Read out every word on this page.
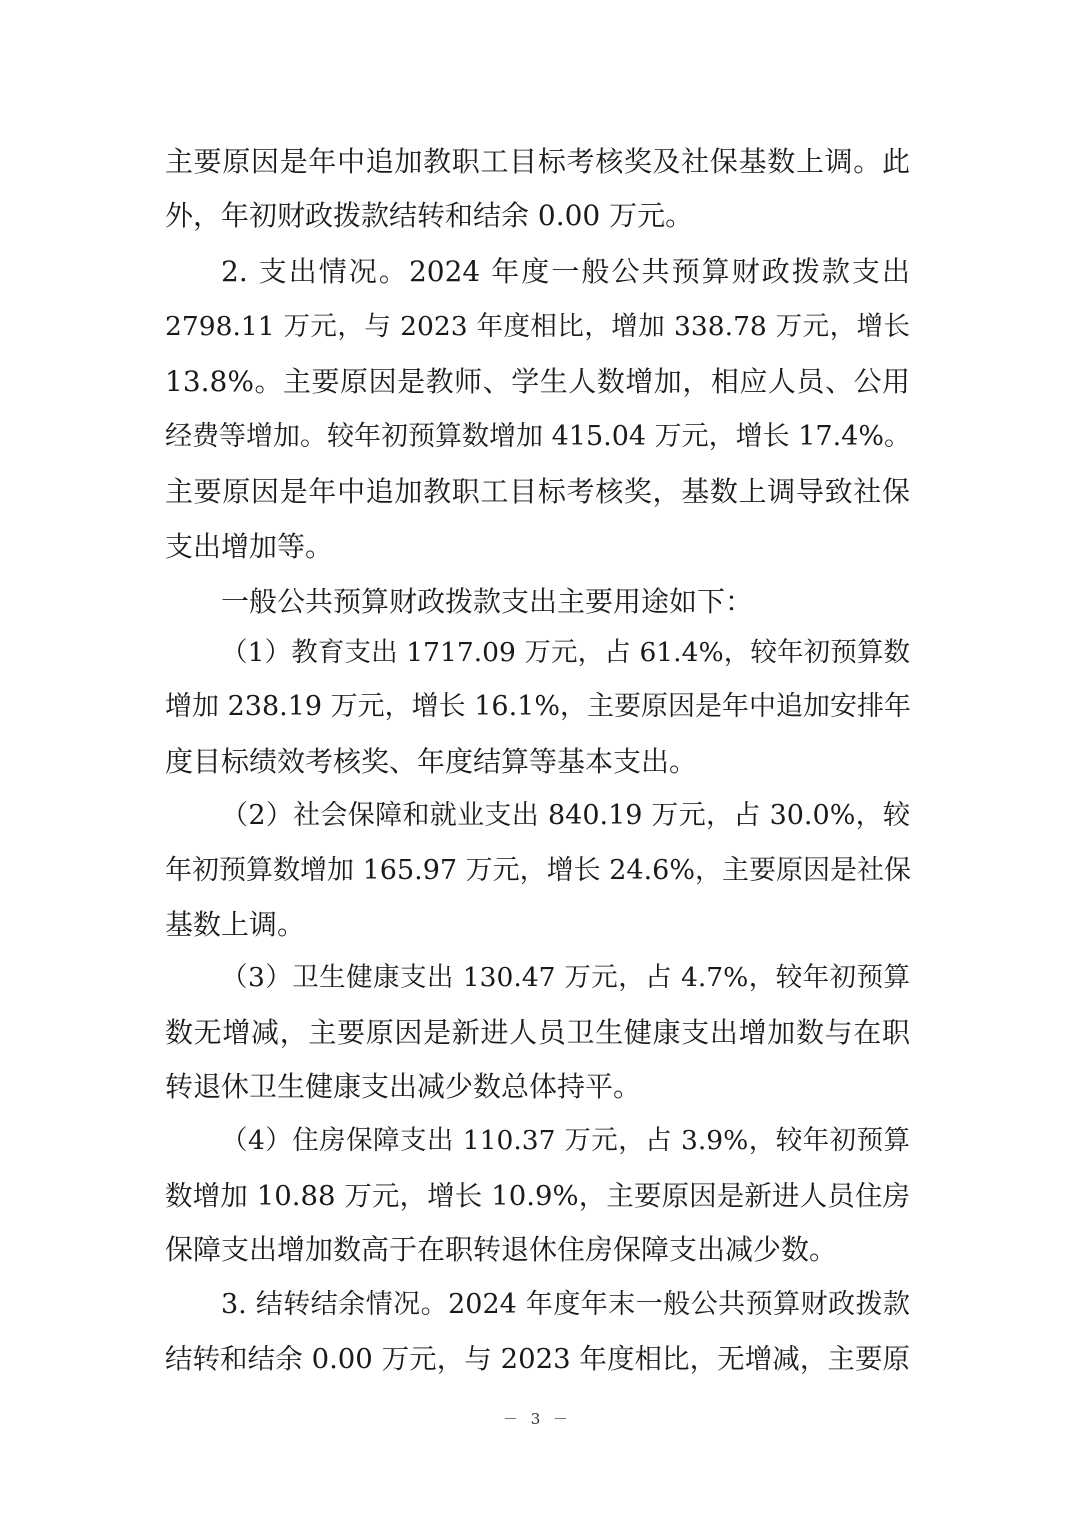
主要原因是年中追加教职工目标考核奖及社保基数上调。此
外，年初财政拨款结转和结余 0.00 万元。
2. 支出情况。2024 年度一般公共预算财政拨款支出
2798.11 万元，与 2023 年度相比，增加 338.78 万元，增长
13.8%。主要原因是教师、学生人数增加，相应人员、公用
经费等增加。较年初预算数增加 415.04 万元，增长 17.4%。
主要原因是年中追加教职工目标考核奖，基数上调导致社保
支出增加等。
一般公共预算财政拨款支出主要用途如下：
（1）教育支出 1717.09 万元，占 61.4%，较年初预算数
增加 238.19 万元，增长 16.1%，主要原因是年中追加安排年
度目标绩效考核奖、年度结算等基本支出。
（2）社会保障和就业支出 840.19 万元，占 30.0%，较
年初预算数增加 165.97 万元，增长 24.6%，主要原因是社保
基数上调。
（3）卫生健康支出 130.47 万元，占 4.7%，较年初预算
数无增减，主要原因是新进人员卫生健康支出增加数与在职
转退休卫生健康支出减少数总体持平。
（4）住房保障支出 110.37 万元，占 3.9%，较年初预算
数增加 10.88 万元，增长 10.9%，主要原因是新进人员住房
保障支出增加数高于在职转退休住房保障支出减少数。
3. 结转结余情况。2024 年度年末一般公共预算财政拨款
结转和结余 0.00 万元，与 2023 年度相比，无增减，主要原
－ 3 －
